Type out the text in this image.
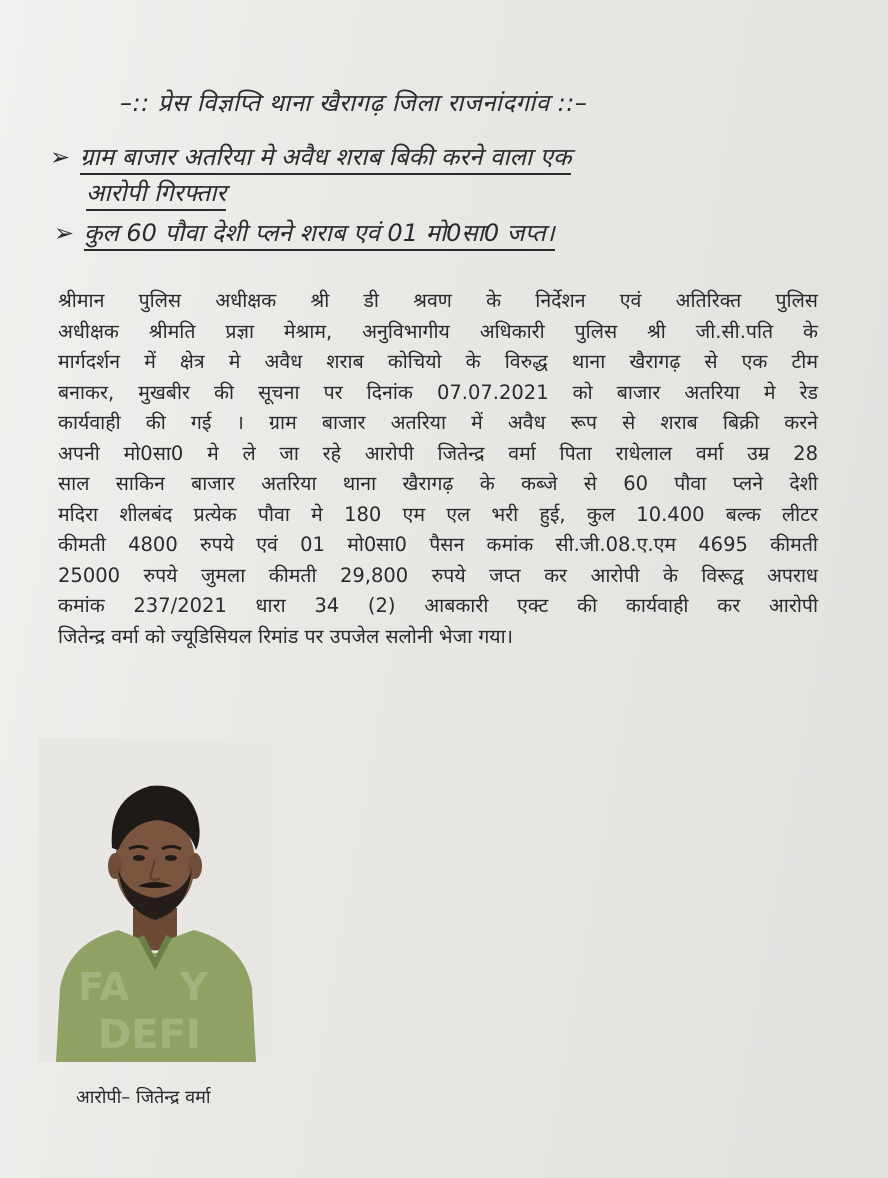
–:: प्रेस विज्ञप्ति थाना खैरागढ़ जिला राजनांदगांव ::–
➢ ग्राम बाजार अतरिया मे अवैध शराब बिकी करने वाला एक
आरोपी गिरफ्तार
➢ कुल 60 पौवा देशी प्लने शराब एवं 01 मो0सा0 जप्त।
श्रीमान पुलिस अधीक्षक श्री डी श्रवण के निर्देशन एवं अतिरिक्त पुलिस
अधीक्षक श्रीमति प्रज्ञा मेश्राम, अनुविभागीय अधिकारी पुलिस श्री जी.सी.पति के
मार्गदर्शन में क्षेत्र मे अवैध शराब कोचियो के विरुद्ध थाना खैरागढ़ से एक टीम
बनाकर, मुखबीर की सूचना पर दिनांक 07.07.2021 को बाजार अतरिया मे रेड
कार्यवाही की गई । ग्राम बाजार अतरिया में अवैध रूप से शराब बिक्री करने
अपनी मो0सा0 मे ले जा रहे आरोपी जितेन्द्र वर्मा पिता राधेलाल वर्मा उम्र 28
साल साकिन बाजार अतरिया थाना खैरागढ़ के कब्जे से 60 पौवा प्लने देशी
मदिरा शीलबंद प्रत्येक पौवा मे 180 एम एल भरी हुई, कुल 10.400 बल्क लीटर
कीमती 4800 रुपये एवं 01 मो0सा0 पैसन कमांक सी.जी.08.ए.एम 4695 कीमती
25000 रुपये जुमला कीमती 29,800 रुपये जप्त कर आरोपी के विरूद्व अपराध
कमांक 237/2021 धारा 34 (2) आबकारी एक्ट की कार्यवाही कर आरोपी
जितेन्द्र वर्मा को ज्यूडिसियल रिमांड पर उपजेल सलोनी भेजा गया।
FA Y
DEFI
आरोपी– जितेन्द्र वर्मा
